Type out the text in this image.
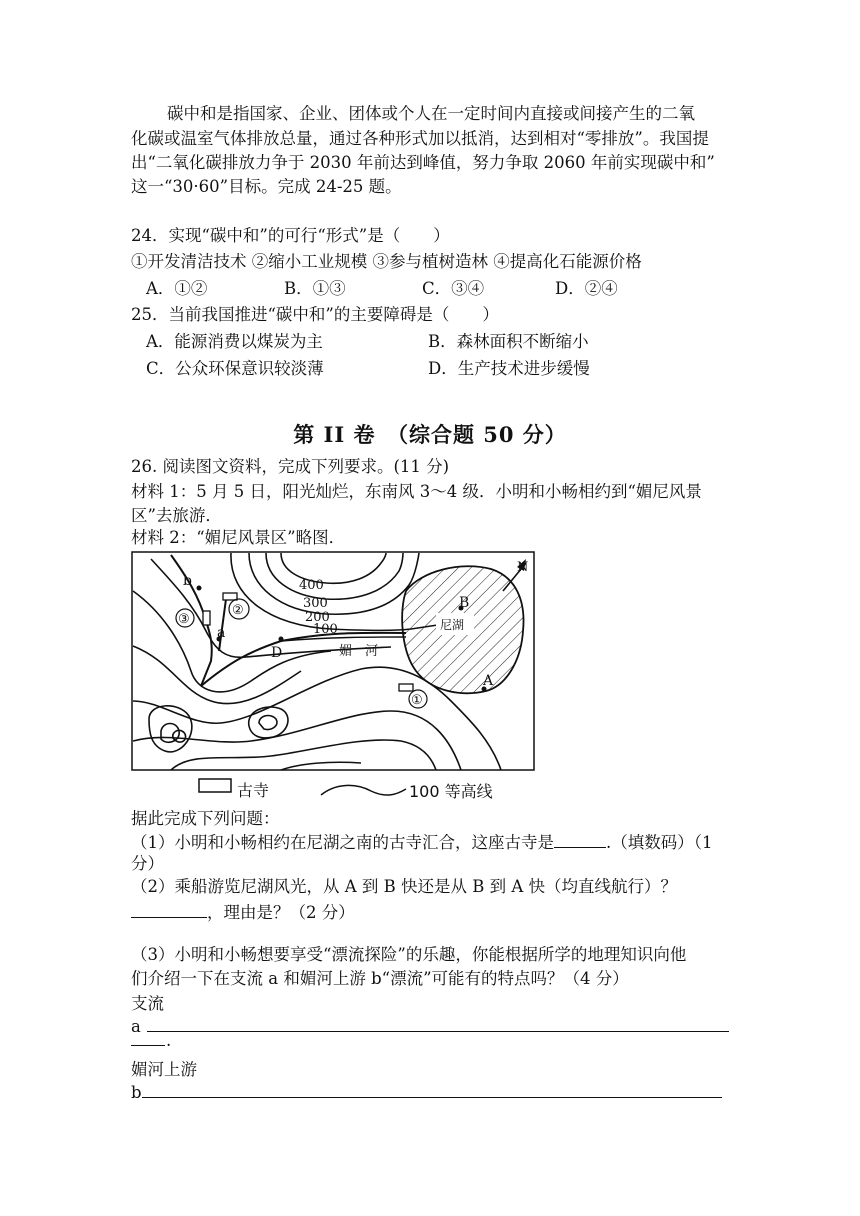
碳中和是指国家、企业、团体或个人在一定时间内直接或间接产生的二氧
化碳或温室气体排放总量，通过各种形式加以抵消，达到相对“零排放”。我国提
出“二氧化碳排放力争于 2030 年前达到峰值，努力争取 2060 年前实现碳中和”
这一“30·60”目标。完成 24-25 题。
24．实现“碳中和”的可行“形式”是（　　）
①开发清洁技术 ②缩小工业规模 ③参与植树造林 ④提高化石能源价格
A．①②	B．①③	C．③④	D．②④
25．当前我国推进“碳中和”的主要障碍是（　　）
A．能源消费以煤炭为主	B．森林面积不断缩小
C．公众环保意识较淡薄	D．生产技术进步缓慢
第 II 卷　（综合题 50 分）
26. 阅读图文资料，完成下列要求。(11 分)
材料 1：5 月 5 日，阳光灿烂，东南风 3～4 级．小明和小畅相约到“媚尼风景
区”去旅游．
材料 2：“媚尼风景区”略图．
400
300
200
100
b
a
B
A
D
①
②
③	尼湖
媚　河
N
古寺	100 等高线
据此完成下列问题：
（1）小明和小畅相约在尼湖之南的古寺汇合，这座古寺是	.（填数码）（1
分）
（2）乘船游览尼湖风光，从 A 到 B 快还是从 B 到 A 快（均直线航行）？
，理由是？（2 分）
（3）小明和小畅想要享受“漂流探险”的乐趣，你能根据所学的地理知识向他
们介绍一下在支流 a 和媚河上游 b“漂流”可能有的特点吗？（4 分）
支流
a
.
媚河上游
b
